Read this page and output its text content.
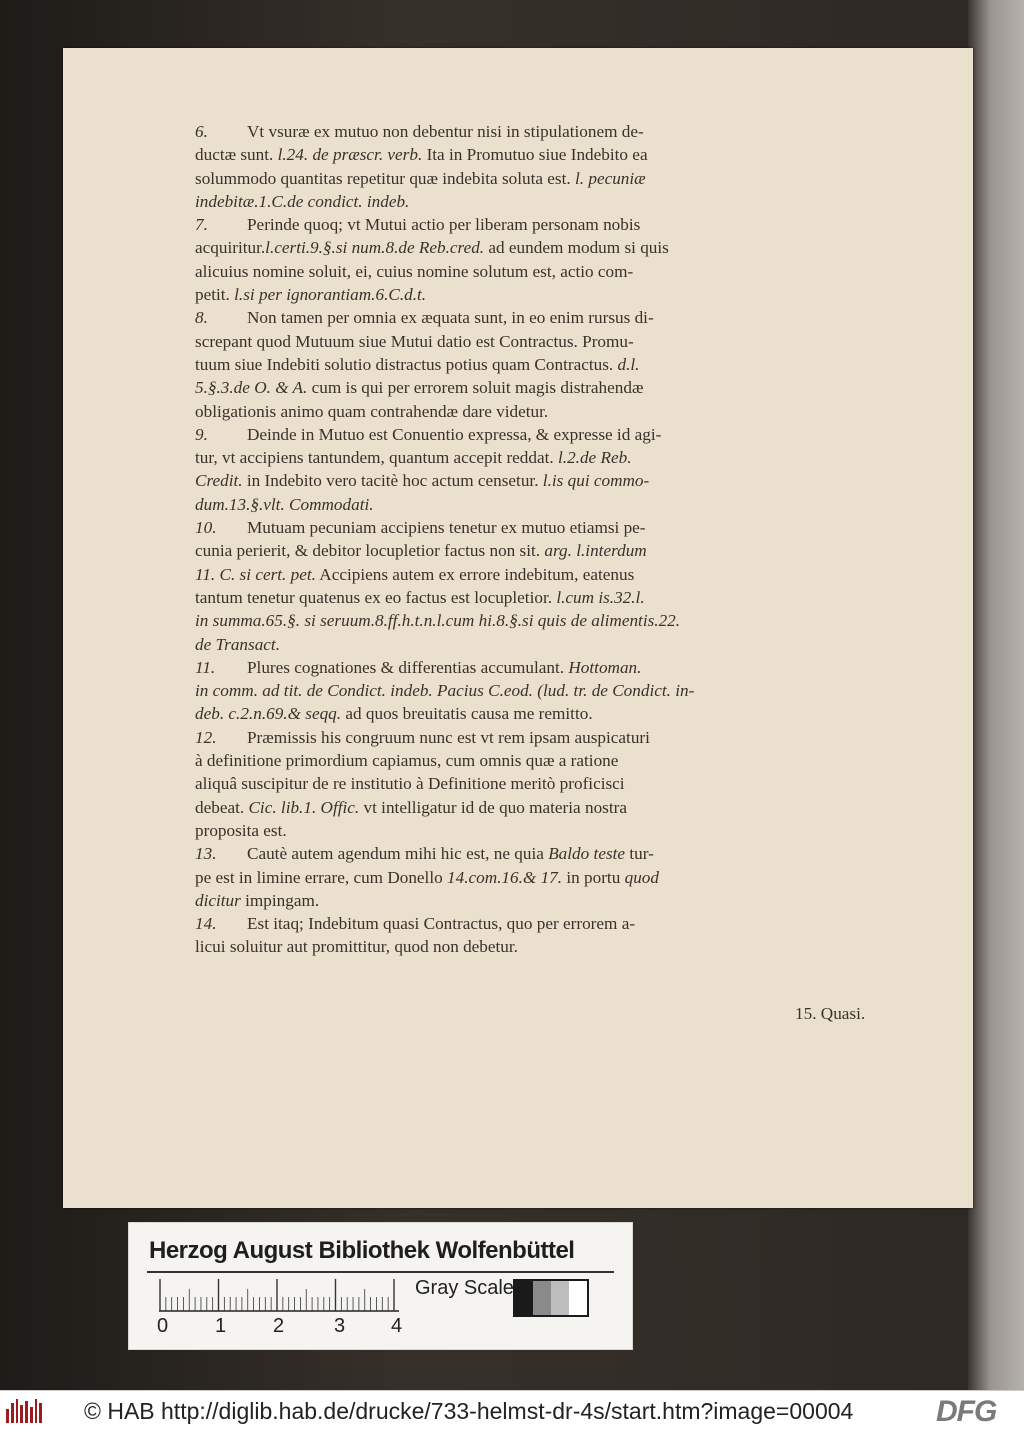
6. Vt vsuræ ex mutuo non debentur nisi in stipulationem de-
ductæ sunt. l.24. de præscr. verb. Ita in Promutuo siue Indebito ea
solummodo quantitas repetitur quæ indebita soluta est. l. pecuniæ
indebitæ.1.C.de condict. indeb.
7. Perinde quoq; vt Mutui actio per liberam personam nobis
acquiritur.l.certi.9.§.si num.8.de Reb.cred. ad eundem modum si quis
alicuius nomine soluit, ei, cuius nomine solutum est, actio com-
petit. l.si per ignorantiam.6.C.d.t.
8. Non tamen per omnia ex æquata sunt, in eo enim rursus di-
screpant quod Mutuum siue Mutui datio est Contractus. Promu-
tuum siue Indebiti solutio distractus potius quam Contractus. d.l.
5.§.3.de O. & A. cum is qui per errorem soluit magis distrahendæ
obligationis animo quam contrahendæ dare videtur.
9. Deinde in Mutuo est Conuentio expressa, & expresse id agi-
tur, vt accipiens tantundem, quantum accepit reddat. l.2.de Reb.
Credit. in Indebito vero tacitè hoc actum censetur. l.is qui commo-
dum.13.§.vlt. Commodati.
10. Mutuam pecuniam accipiens tenetur ex mutuo etiamsi pe-
cunia perierit, & debitor locupletior factus non sit. arg. l.interdum
11. C. si cert. pet. Accipiens autem ex errore indebitum, eatenus
tantum tenetur quatenus ex eo factus est locupletior. l.cum is.32.l.
in summa.65.§. si seruum.8.ff.h.t.n.l.cum hi.8.§.si quis de alimentis.22.
de Transact.
11. Plures cognationes & differentias accumulant. Hottoman.
in comm. ad tit. de Condict. indeb. Pacius C.eod. (lud. tr. de Condict. in-
deb. c.2.n.69.& seqq. ad quos breuitatis causa me remitto.
12. Præmissis his congruum nunc est vt rem ipsam auspicaturi
à definitione primordium capiamus, cum omnis quæ a ratione
aliquâ suscipitur de re institutio à Definitione meritò proficisci
debeat. Cic. lib.1. Offic. vt intelligatur id de quo materia nostra
proposita est.
13. Cautè autem agendum mihi hic est, ne quia Baldo teste tur-
pe est in limine errare, cum Donello 14.com.16.& 17. in portu quod
dicitur impingam.
14. Est itaq; Indebitum quasi Contractus, quo per errorem a-
licui soluitur aut promittitur, quod non debetur.
15. Quasi.
Herzog August Bibliothek Wolfenbüttel
0 1 2 3 4
Gray Scale
© HAB http://diglib.hab.de/drucke/733-helmst-dr-4s/start.htm?image=00004	DFG
